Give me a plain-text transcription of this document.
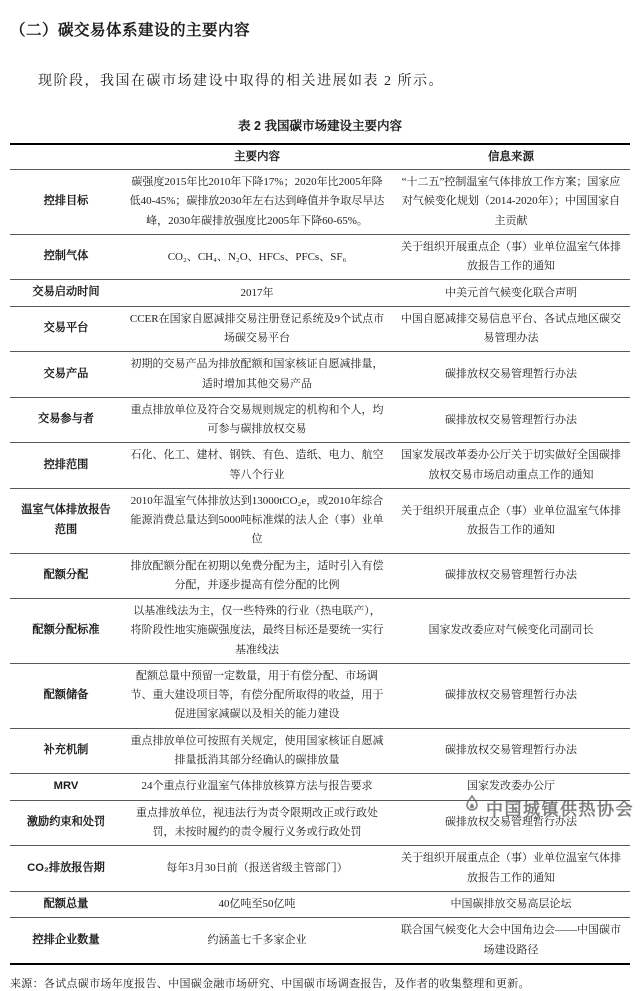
（二）碳交易体系建设的主要内容

现阶段，我国在碳市场建设中取得的相关进展如表 2 所示。

表 2 我国碳市场建设主要内容
	主要内容	信息来源
控排目标	碳强度2015年比2010年下降17%；2020年比2005年降低40-45%；碳排放2030年左右达到峰值并争取尽早达峰，2030年碳排放强度比2005年下降60-65%。	“十二五”控制温室气体排放工作方案；国家应对气候变化规划（2014-2020年）；中国国家自主贡献
控制气体	CO₂、CH₄、N₂O、HFCs、PFCs、SF₆	关于组织开展重点企（事）业单位温室气体排放报告工作的通知
交易启动时间	2017年	中美元首气候变化联合声明
交易平台	CCER在国家自愿减排交易注册登记系统及9个试点市场碳交易平台	中国自愿减排交易信息平台、各试点地区碳交易管理办法
交易产品	初期的交易产品为排放配额和国家核证自愿减排量，适时增加其他交易产品	碳排放权交易管理暂行办法
交易参与者	重点排放单位及符合交易规则规定的机构和个人，均可参与碳排放权交易	碳排放权交易管理暂行办法
控排范围	石化、化工、建材、钢铁、有色、造纸、电力、航空等八个行业	国家发展改革委办公厅关于切实做好全国碳排放权交易市场启动重点工作的通知
温室气体排放报告范围	2010年温室气体排放达到13000tCO₂e，或2010年综合能源消费总量达到5000吨标准煤的法人企（事）业单位	关于组织开展重点企（事）业单位温室气体排放报告工作的通知
配额分配	排放配额分配在初期以免费分配为主，适时引入有偿分配，并逐步提高有偿分配的比例	碳排放权交易管理暂行办法
配额分配标准	以基准线法为主，仅一些特殊的行业（热电联产），将阶段性地实施碳强度法，最终目标还是要统一实行基准线法	国家发改委应对气候变化司副司长
配额储备	配额总量中预留一定数量，用于有偿分配、市场调节、重大建设项目等，有偿分配所取得的收益，用于促进国家减碳以及相关的能力建设	碳排放权交易管理暂行办法
补充机制	重点排放单位可按照有关规定，使用国家核证自愿减排量抵消其部分经确认的碳排放量	碳排放权交易管理暂行办法
MRV	24个重点行业温室气体排放核算方法与报告要求	国家发改委办公厅
激励约束和处罚	重点排放单位，视违法行为责令限期改正或行政处罚，未按时履约的责令履行义务或行政处罚	碳排放权交易管理暂行办法
CO₂排放报告期	每年3月30日前（报送省级主管部门）	关于组织开展重点企（事）业单位温室气体排放报告工作的通知
配额总量	40亿吨至50亿吨	中国碳排放交易高层论坛
控排企业数量	约涵盖七千多家企业	联合国气候变化大会中国角边会——中国碳市场建设路径

来源：各试点碳市场年度报告、中国碳金融市场研究、中国碳市场调查报告，及作者的收集整理和更新。

中国城镇供热协会
